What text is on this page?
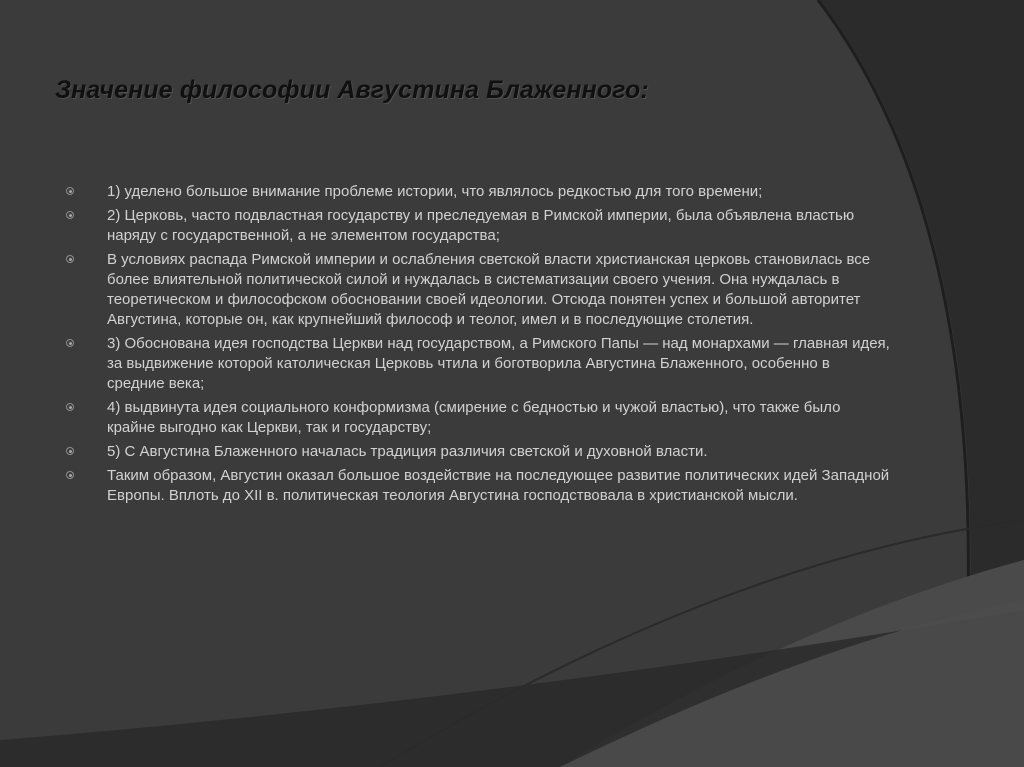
Значение философии Августина Блаженного:
1) уделено большое внимание проблеме истории, что являлось редкостью для того времени;
2) Церковь, часто подвластная государству и преследуемая в Римской империи, была объявлена властью наряду с государственной, а не элементом государства;
В условиях распада Римской империи и ослабления светской власти христианская церковь становилась все более влиятельной политической силой и нуждалась в систематизации своего учения. Она нуждалась в теоретическом и философском обосновании своей идеологии. Отсюда понятен успех и большой авторитет Августина, которые он, как крупнейший философ и теолог, имел и в последующие столетия.
3) Обоснована идея господства Церкви над государством, а Римского Папы — над монархами — главная идея, за выдвижение которой католическая Церковь чтила и боготворила Августина Блаженного, особенно в средние века;
4) выдвинута идея социального конформизма (смирение с бедностью и чужой властью), что также было крайне выгодно как Церкви, так и государству;
5) С Августина Блаженного началась традиция различия светской и духовной власти.
Таким образом, Августин оказал большое воздействие на последующее развитие политических идей Западной Европы. Вплоть до XII в. политическая теология Августина господствовала в христианской мысли.
